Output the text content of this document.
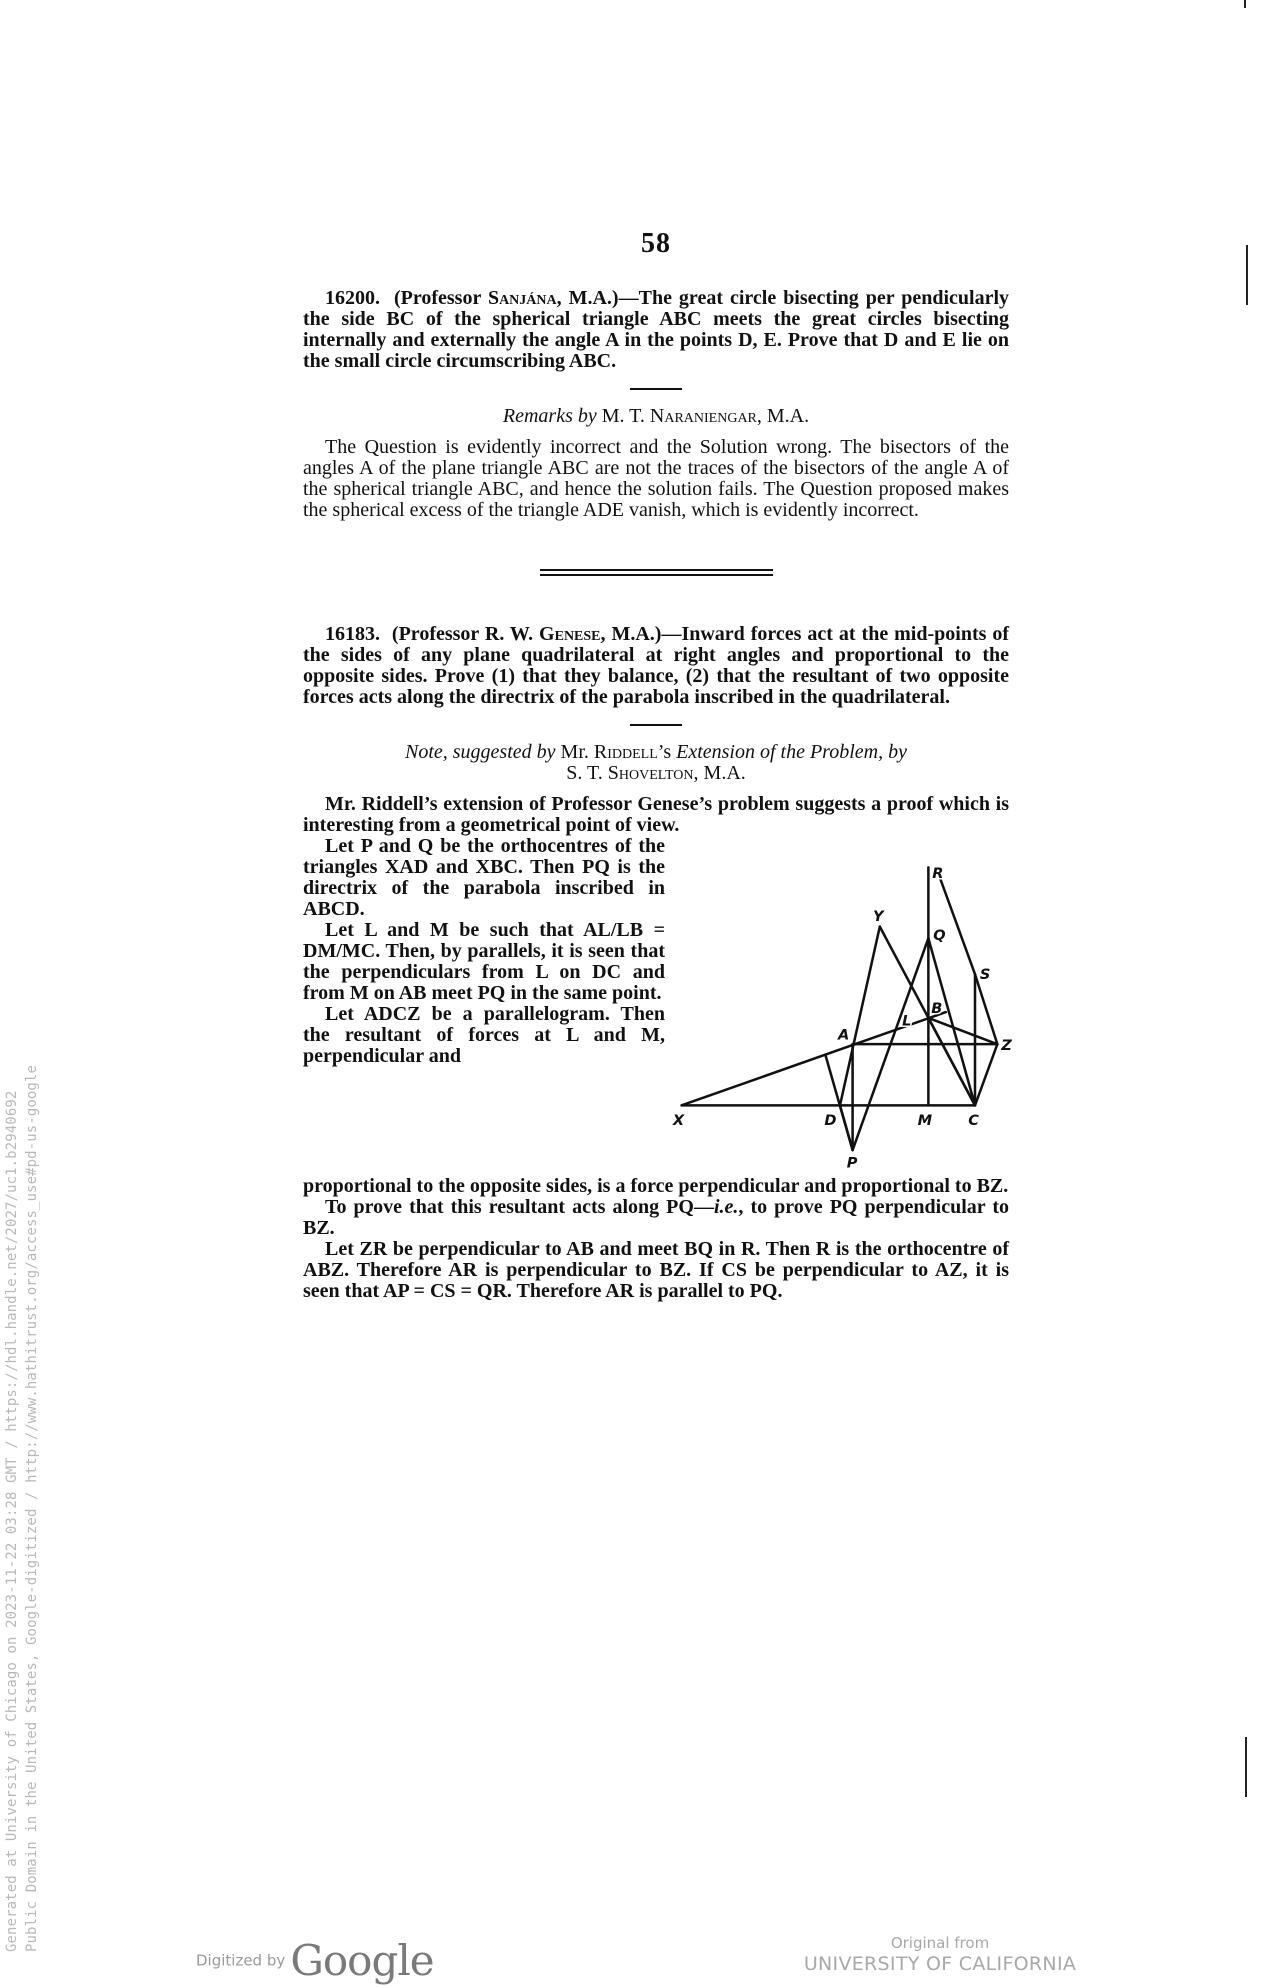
58

16200. (Professor Sanjána, M.A.)—The great circle bisecting per pendicularly the side BC of the spherical triangle ABC meets the great circles bisecting internally and externally the angle A in the points D, E. Prove that D and E lie on the small circle circumscribing ABC.

Remarks by M. T. Naraniengar, M.A.

The Question is evidently incorrect and the Solution wrong. The bisectors of the angles A of the plane triangle ABC are not the traces of the bisectors of the angle A of the spherical triangle ABC, and hence the solution fails. The Question proposed makes the spherical excess of the triangle ADE vanish, which is evidently incorrect.

16183. (Professor R. W. Genese, M.A.)—Inward forces act at the mid-points of the sides of any plane quadrilateral at right angles and proportional to the opposite sides. Prove (1) that they balance, (2) that the resultant of two opposite forces acts along the directrix of the parabola inscribed in the quadrilateral.

Note, suggested by Mr. Riddell’s Extension of the Problem, by

S. T. Shovelton, M.A.

Mr. Riddell’s extension of Professor Genese’s problem suggests a proof which is interesting from a geometrical point of view.

Let P and Q be the orthocentres of the triangles XAD and XBC. Then PQ is the directrix of the parabola inscribed in ABCD.

Let L and M be such that AL/LB = DM/MC. Then, by parallels, it is seen that the perpendiculars from L on DC and from M on AB meet PQ in the same point.

Let ADCZ be a parallelogram. Then the resultant of forces at L and M, perpendicular and

X	D	M C
A
Z
B
L
Y
Q
R
S
P

proportional to the opposite sides, is a force perpendicular and proportional to BZ.

To prove that this resultant acts along PQ—i.e., to prove PQ perpendicular to BZ.

Let ZR be perpendicular to AB and meet BQ in R. Then R is the orthocentre of ABZ. Therefore AR is perpendicular to BZ. If CS be perpendicular to AZ, it is seen that AP = CS = QR. Therefore AR is parallel to PQ.

Generated at University of Chicago on 2023-11-22 03:28 GMT / https://hdl.handle.net/2027/uc1.b2940692 Public Domain in the United States, Google-digitized / http://www.hathitrust.org/access_use#pd-us-google
Digitized by Google	Original from
UNIVERSITY OF CALIFORNIA
